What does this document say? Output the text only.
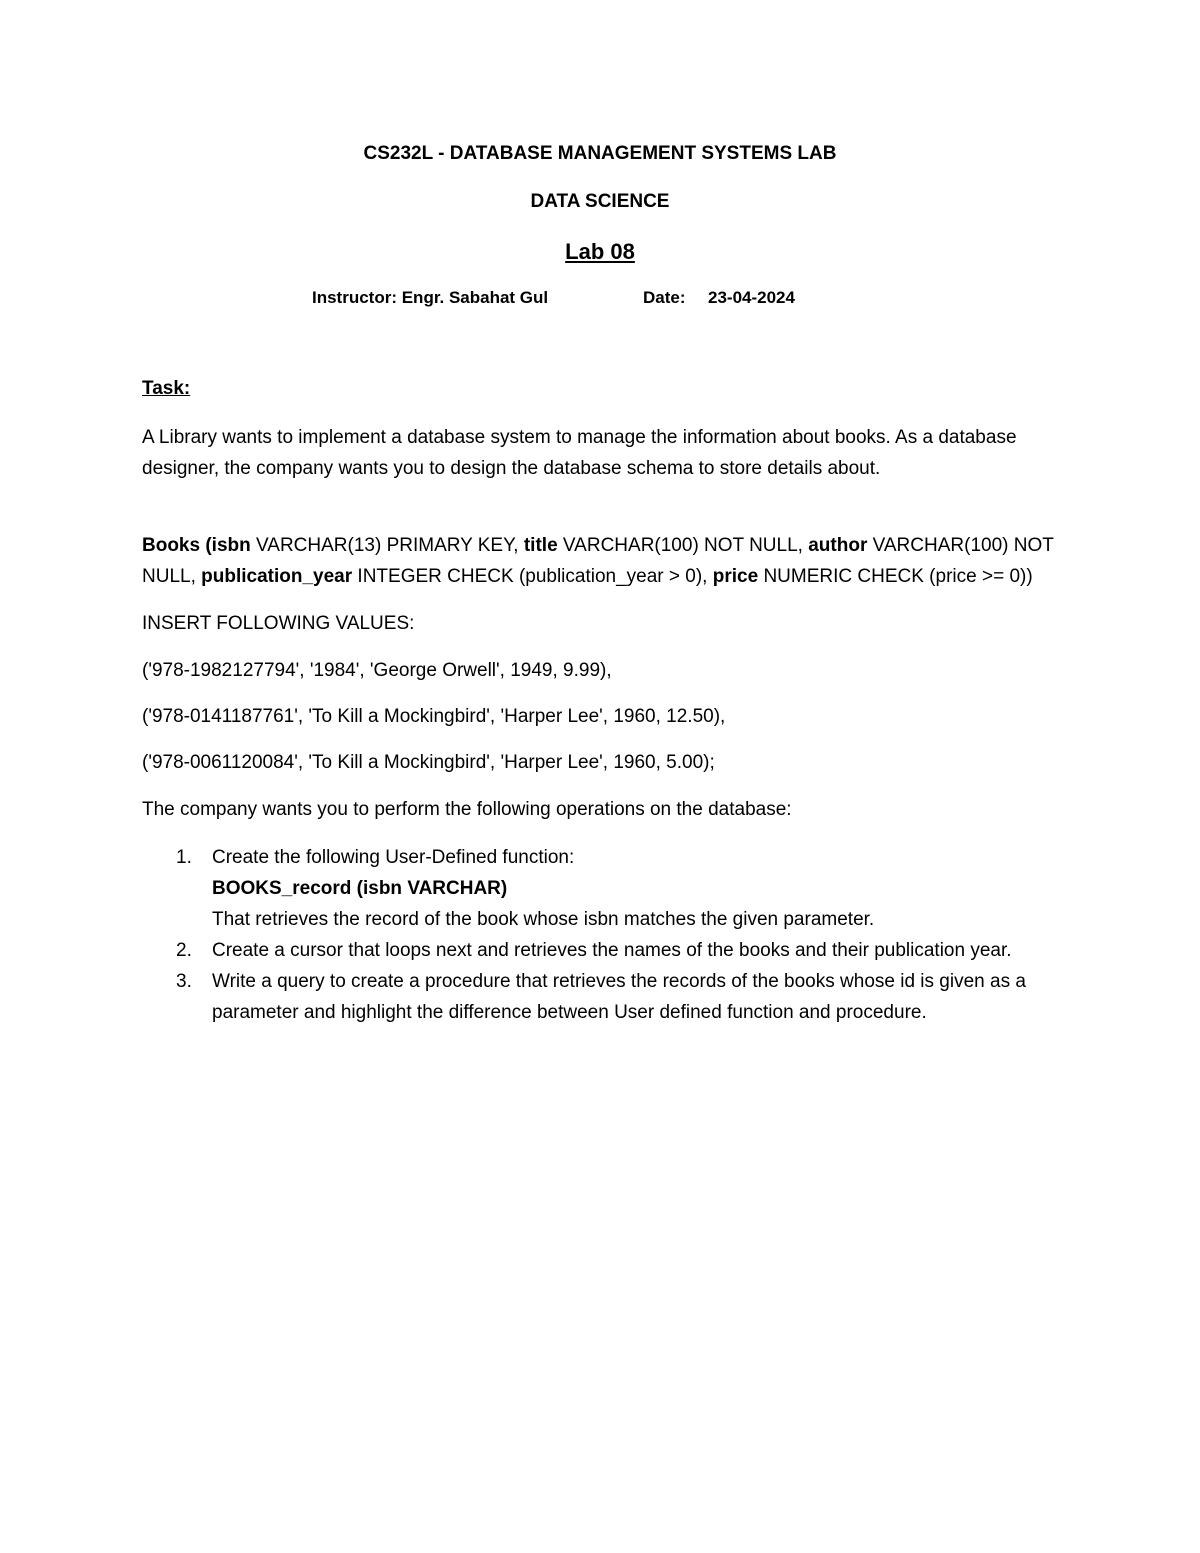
CS232L - DATABASE MANAGEMENT SYSTEMS LAB
DATA SCIENCE
Lab 08
Instructor: Engr. Sabahat Gul	Date: 23-04-2024
Task:
A Library wants to implement a database system to manage the information about books. As a database designer, the company wants you to design the database schema to store details about.
Books (isbn VARCHAR(13) PRIMARY KEY, title VARCHAR(100) NOT NULL, author VARCHAR(100) NOT NULL, publication_year INTEGER CHECK (publication_year > 0), price NUMERIC CHECK (price >= 0))
INSERT FOLLOWING VALUES:
('978-1982127794', '1984', 'George Orwell', 1949, 9.99),
('978-0141187761', 'To Kill a Mockingbird', 'Harper Lee', 1960, 12.50),
('978-0061120084', 'To Kill a Mockingbird', 'Harper Lee', 1960, 5.00);
The company wants you to perform the following operations on the database:
1. Create the following User-Defined function:
BOOKS_record (isbn VARCHAR)
That retrieves the record of the book whose isbn matches the given parameter.
2. Create a cursor that loops next and retrieves the names of the books and their publication year.
3. Write a query to create a procedure that retrieves the records of the books whose id is given as a parameter and highlight the difference between User defined function and procedure.
